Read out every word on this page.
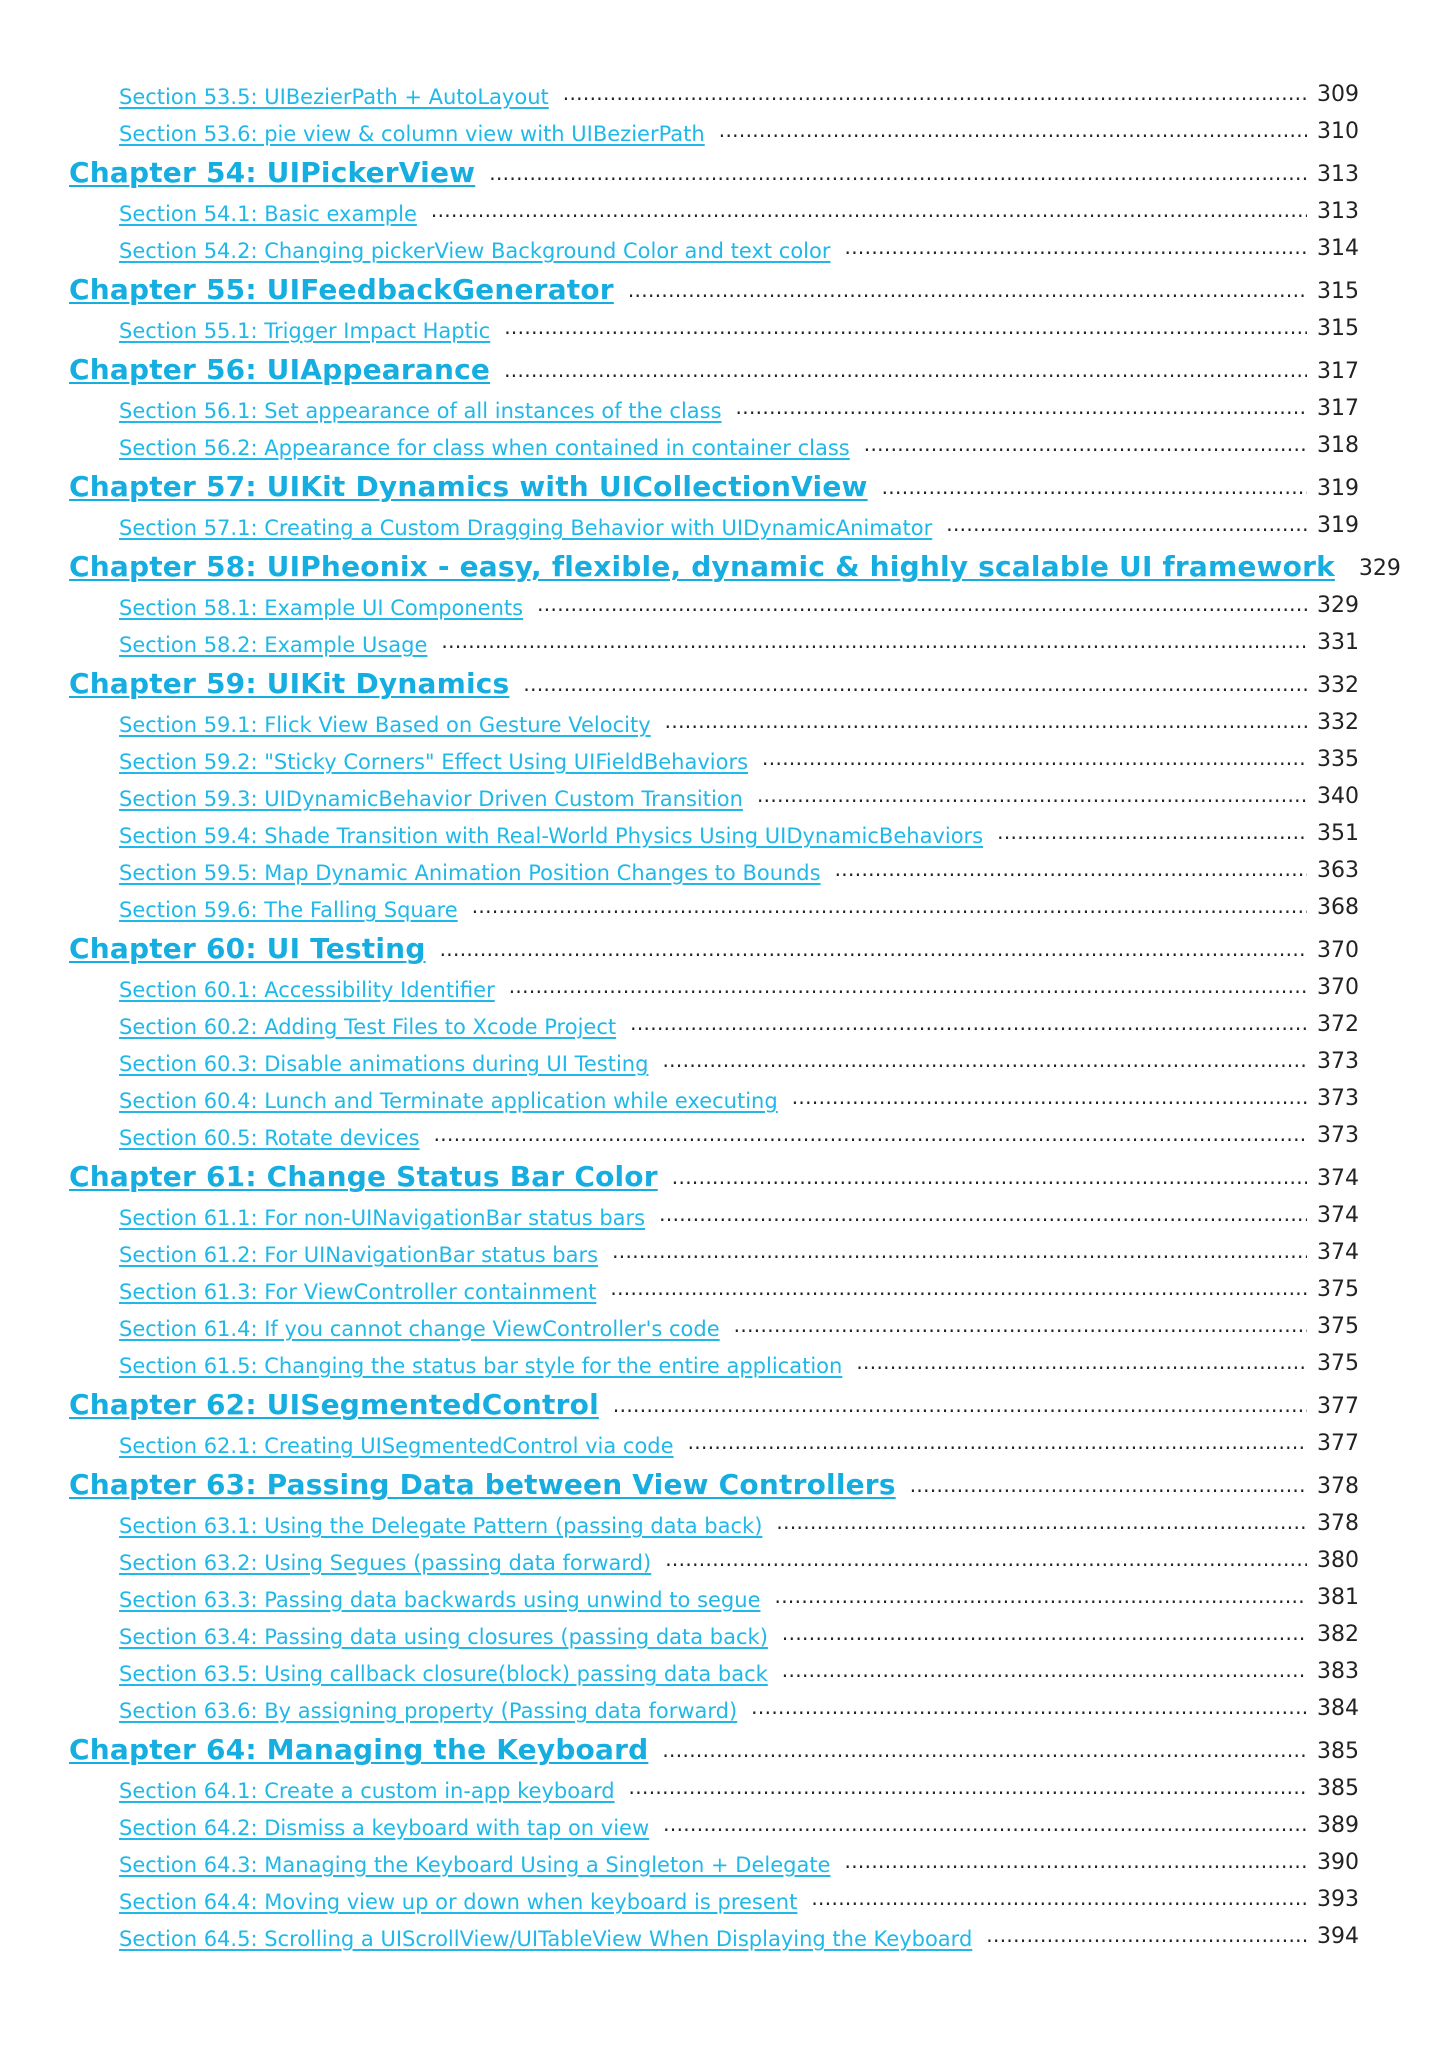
Section 53.5: UIBezierPath + AutoLayout . . .	309
Section 53.6: pie view & column view with UIBezierPath . . .	310
Chapter 54: UIPickerView . . .	313
Section 54.1: Basic example . . .	313
Section 54.2: Changing pickerView Background Color and text color . . .	314
Chapter 55: UIFeedbackGenerator . . .	315
Section 55.1: Trigger Impact Haptic . . .	315
Chapter 56: UIAppearance . . .	317
Section 56.1: Set appearance of all instances of the class . . .	317
Section 56.2: Appearance for class when contained in container class . . .	318
Chapter 57: UIKit Dynamics with UICollectionView . . .	319
Section 57.1: Creating a Custom Dragging Behavior with UIDynamicAnimator . . .	319
Chapter 58: UIPheonix - easy, flexible, dynamic & highly scalable UI framework 329
Section 58.1: Example UI Components . . .	329
Section 58.2: Example Usage . . .	331
Chapter 59: UIKit Dynamics . . .	332
Section 59.1: Flick View Based on Gesture Velocity . . .	332
Section 59.2: "Sticky Corners" Effect Using UIFieldBehaviors . . .	335
Section 59.3: UIDynamicBehavior Driven Custom Transition . . .	340
Section 59.4: Shade Transition with Real-World Physics Using UIDynamicBehaviors . . .	351
Section 59.5: Map Dynamic Animation Position Changes to Bounds . . .	363
Section 59.6: The Falling Square . . .	368
Chapter 60: UI Testing . . .	370
Section 60.1: Accessibility Identifier . . .	370
Section 60.2: Adding Test Files to Xcode Project . . .	372
Section 60.3: Disable animations during UI Testing . . .	373
Section 60.4: Lunch and Terminate application while executing . . .	373
Section 60.5: Rotate devices . . .	373
Chapter 61: Change Status Bar Color . . .	374
Section 61.1: For non-UINavigationBar status bars . . .	374
Section 61.2: For UINavigationBar status bars . . .	374
Section 61.3: For ViewController containment . . .	375
Section 61.4: If you cannot change ViewController's code . . .	375
Section 61.5: Changing the status bar style for the entire application . . .	375
Chapter 62: UISegmentedControl . . .	377
Section 62.1: Creating UISegmentedControl via code . . .	377
Chapter 63: Passing Data between View Controllers . . .	378
Section 63.1: Using the Delegate Pattern (passing data back) . . .	378
Section 63.2: Using Segues (passing data forward) . . .	380
Section 63.3: Passing data backwards using unwind to segue . . .	381
Section 63.4: Passing data using closures (passing data back) . . .	382
Section 63.5: Using callback closure(block) passing data back . . .	383
Section 63.6: By assigning property (Passing data forward) . . .	384
Chapter 64: Managing the Keyboard . . .	385
Section 64.1: Create a custom in-app keyboard . . .	385
Section 64.2: Dismiss a keyboard with tap on view . . .	389
Section 64.3: Managing the Keyboard Using a Singleton + Delegate . . .	390
Section 64.4: Moving view up or down when keyboard is present . . .	393
Section 64.5: Scrolling a UIScrollView/UITableView When Displaying the Keyboard . . .	394
